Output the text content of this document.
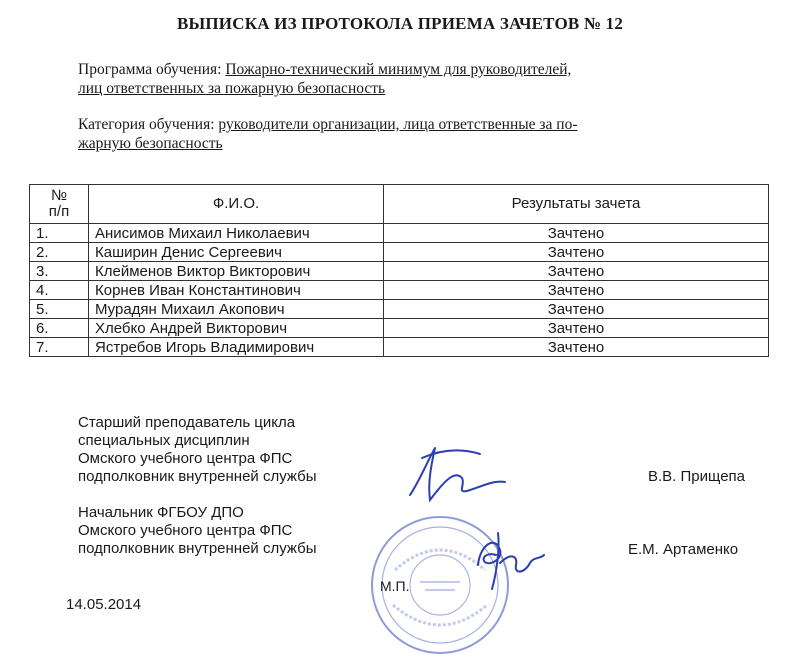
ВЫПИСКА ИЗ ПРОТОКОЛА ПРИЕМА ЗАЧЕТОВ № 12
Программа обучения: Пожарно-технический минимум для руководителей,
лиц ответственных за пожарную безопасность
Категория обучения: руководители организации, лица ответственные за по-
жарную безопасность
№
п/п	Ф.И.О.	Результаты зачета
1.	Анисимов Михаил Николаевич	Зачтено
2.	Каширин Денис Сергеевич	Зачтено
3.	Клейменов Виктор Викторович	Зачтено
4.	Корнев Иван Константинович	Зачтено
5.	Мурадян Михаил Акопович	Зачтено
6.	Хлебко Андрей Викторович	Зачтено
7.	Ястребов Игорь Владимирович	Зачтено
Старший преподаватель цикла
специальных дисциплин
Омского учебного центра ФПС
подполковник внутренней службы	В.В. Прищепа
Начальник ФГБОУ ДПО
Омского учебного центра ФПС
подполковник внутренней службы	Е.М. Артаменко
М.П.
14.05.2014
